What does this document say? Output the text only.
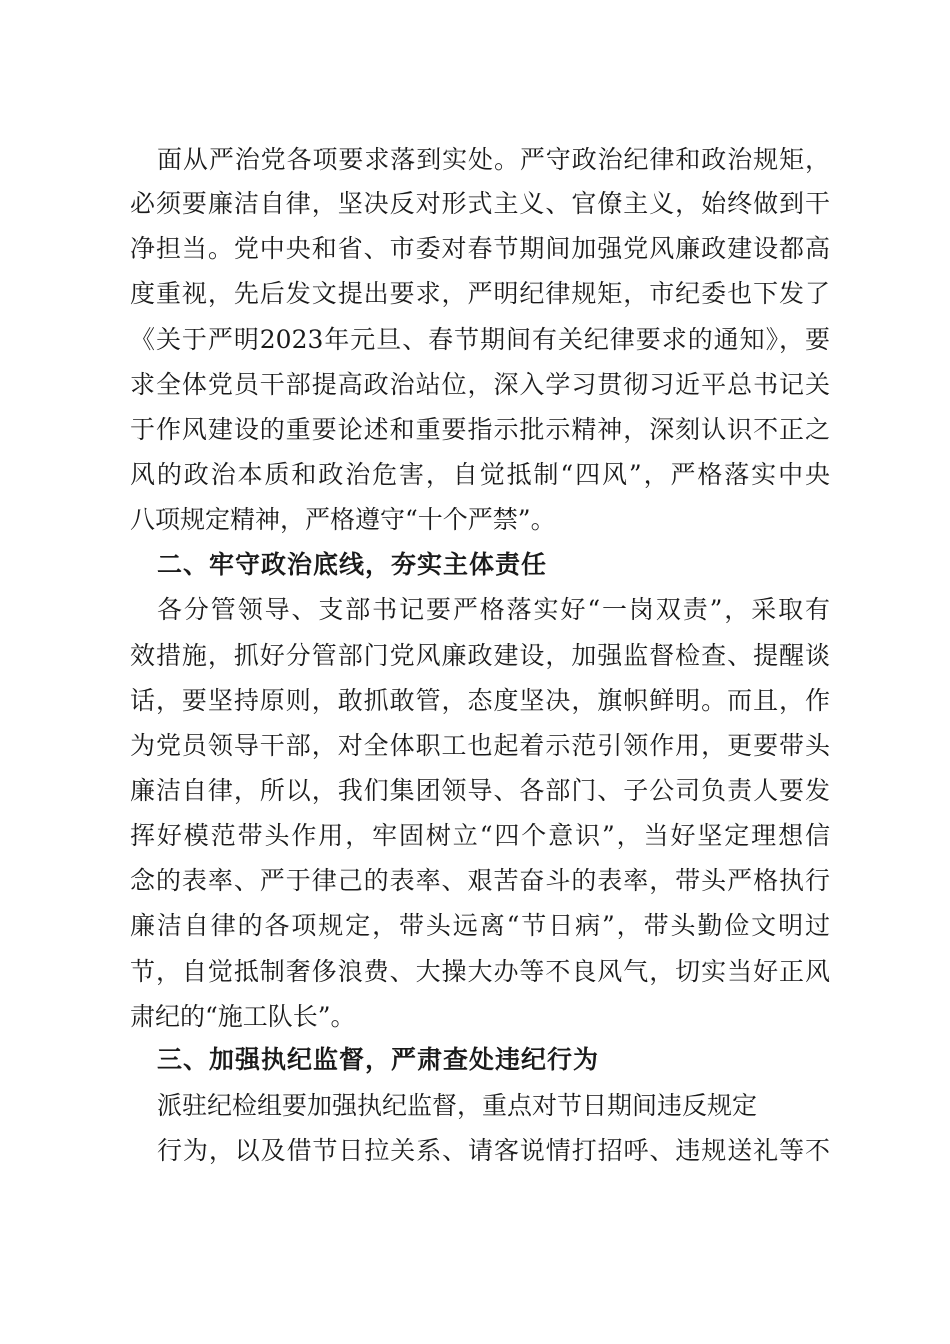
面从严治党各项要求落到实处。严守政治纪律和政治规矩，
必须要廉洁自律，坚决反对形式主义、官僚主义，始终做到干
净担当。党中央和省、市委对春节期间加强党风廉政建设都高
度重视，先后发文提出要求，严明纪律规矩，市纪委也下发了
《关于严明2023年元旦、春节期间有关纪律要求的通知》，要
求全体党员干部提高政治站位，深入学习贯彻习近平总书记关
于作风建设的重要论述和重要指示批示精神，深刻认识不正之
风的政治本质和政治危害，自觉抵制“四风”，严格落实中央
八项规定精神，严格遵守“十个严禁”。
二、牢守政治底线，夯实主体责任
各分管领导、支部书记要严格落实好“一岗双责”，采取有
效措施，抓好分管部门党风廉政建设，加强监督检查、提醒谈
话，要坚持原则，敢抓敢管，态度坚决，旗帜鲜明。而且，作
为党员领导干部，对全体职工也起着示范引领作用，更要带头
廉洁自律，所以，我们集团领导、各部门、子公司负责人要发
挥好模范带头作用，牢固树立“四个意识”，当好坚定理想信
念的表率、严于律己的表率、艰苦奋斗的表率，带头严格执行
廉洁自律的各项规定，带头远离“节日病”，带头勤俭文明过
节，自觉抵制奢侈浪费、大操大办等不良风气，切实当好正风
肃纪的“施工队长”。
三、加强执纪监督，严肃查处违纪行为
派驻纪检组要加强执纪监督，重点对节日期间违反规定
行为，以及借节日拉关系、请客说情打招呼、违规送礼等不
